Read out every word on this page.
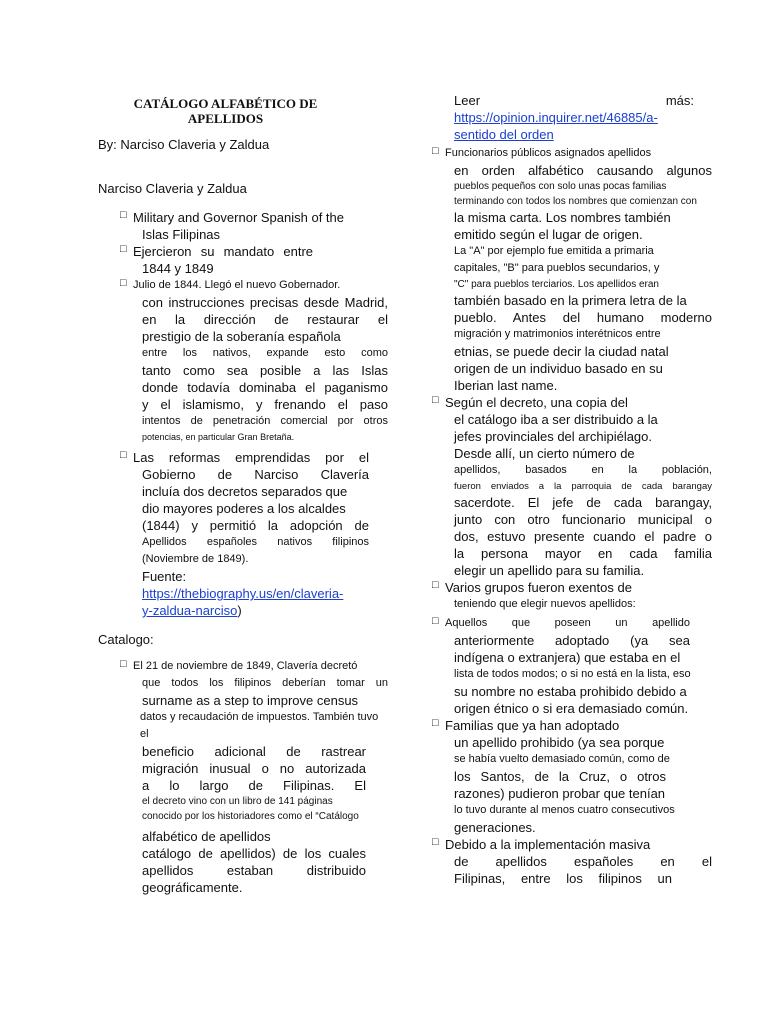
CATÁLOGO ALFABÉTICO DE
APELLIDOS

By: Narciso Claveria y Zaldua

Narciso Claveria y Zaldua

□ Military and Governor Spanish of the
Islas Filipinas
□ Ejercieron su mandato entre
1844 y 1849
□ Julio de 1844. Llegó el nuevo Gobernador.
con instrucciones precisas desde Madrid,
en la dirección de restaurar el
prestigio de la soberanía española
entre los nativos, expande esto como
tanto como sea posible a las Islas
donde todavía dominaba el paganismo
y el islamismo, y frenando el paso
intentos de penetración comercial por otros
potencias, en particular Gran Bretaña.
□ Las reformas emprendidas por el
Gobierno de Narciso Clavería
incluía dos decretos separados que
dio mayores poderes a los alcaldes
(1844) y permitió la adopción de
Apellidos españoles nativos filipinos
(Noviembre de 1849).
Fuente:
https://thebiography.us/en/claveria-
y-zaldua-narciso)

Catalogo:

□ El 21 de noviembre de 1849, Clavería decretó
que todos los filipinos deberían tomar un
surname as a step to improve census
datos y recaudación de impuestos. También tuvo el
beneficio adicional de rastrear
migración inusual o no autorizada
a lo largo de Filipinas. El
el decreto vino con un libro de 141 páginas
conocido por los historiadores como el “Catálogo
alfabético de apellidos
catálogo de apellidos) de los cuales
apellidos estaban distribuido
geográficamente.
Leer	más:
https://opinion.inquirer.net/46885/a-
sentido del orden
□ Funcionarios públicos asignados apellidos
en orden alfabético causando algunos
pueblos pequeños con solo unas pocas familias
terminando con todos los nombres que comienzan con
la misma carta. Los nombres también
emitido según el lugar de origen.
La "A" por ejemplo fue emitida a primaria
capitales, "B" para pueblos secundarios, y
"C" para pueblos terciarios. Los apellidos eran
también basado en la primera letra de la
pueblo. Antes del humano moderno
migración y matrimonios interétnicos entre
etnias, se puede decir la ciudad natal
origen de un individuo basado en su
Iberian last name.
□ Según el decreto, una copia del
el catálogo iba a ser distribuido a la
jefes provinciales del archipiélago.
Desde allí, un cierto número de
apellidos, basados en la población,
fueron enviados a la parroquia de cada barangay
sacerdote. El jefe de cada barangay,
junto con otro funcionario municipal o
dos, estuvo presente cuando el padre o
la persona mayor en cada familia
elegir un apellido para su familia.
□ Varios grupos fueron exentos de
teniendo que elegir nuevos apellidos:
□ Aquellos que poseen un apellido
anteriormente adoptado (ya sea
indígena o extranjera) que estaba en el
lista de todos modos; o si no está en la lista, eso
su nombre no estaba prohibido debido a
origen étnico o si era demasiado común.
□ Familias que ya han adoptado
un apellido prohibido (ya sea porque
se había vuelto demasiado común, como de
los Santos, de la Cruz, o otros
razones) pudieron probar que tenían
lo tuvo durante al menos cuatro consecutivos
generaciones.
□ Debido a la implementación masiva
de apellidos españoles en el
Filipinas, entre los filipinos un
